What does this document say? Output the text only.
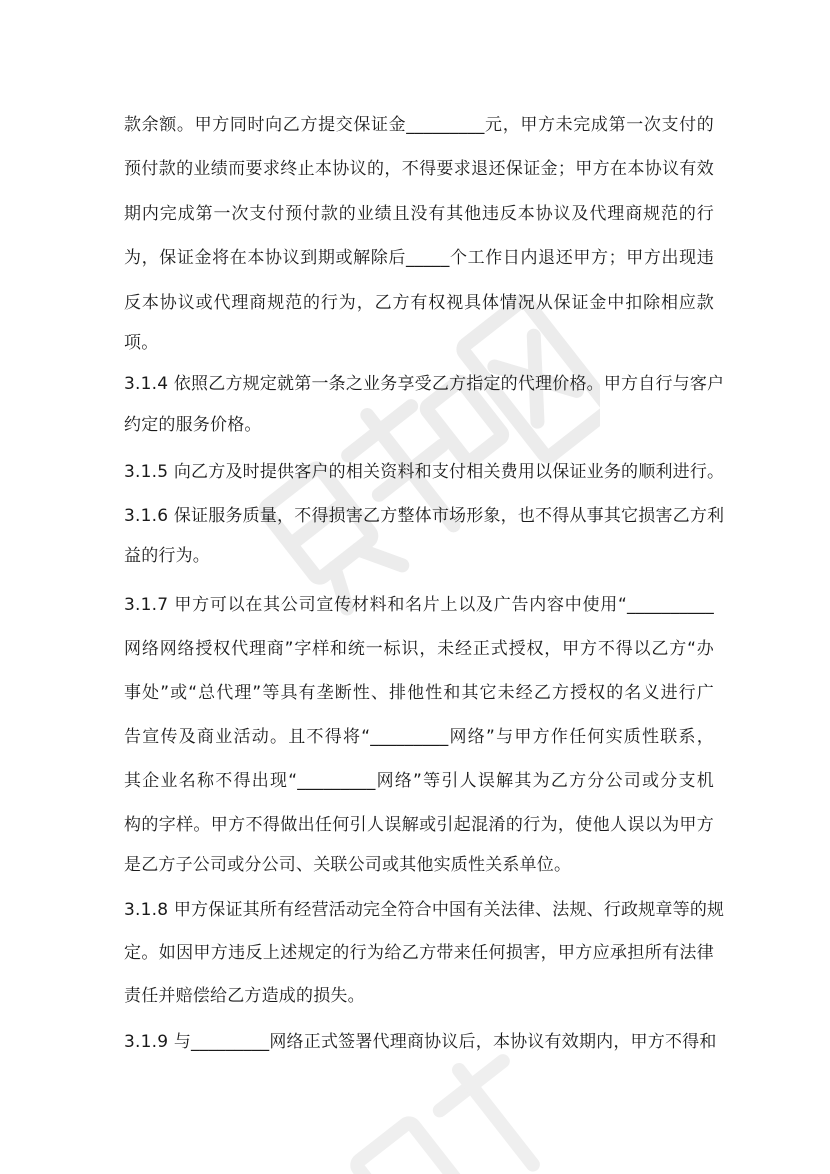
款余额。甲方同时向乙方提交保证金_________元，甲方未完成第一次支付的
预付款的业绩而要求终止本协议的，不得要求退还保证金；甲方在本协议有效
期内完成第一次支付预付款的业绩且没有其他违反本协议及代理商规范的行
为，保证金将在本协议到期或解除后_____个工作日内退还甲方；甲方出现违
反本协议或代理商规范的行为，乙方有权视具体情况从保证金中扣除相应款
项。
3.1.4 依照乙方规定就第一条之业务享受乙方指定的代理价格。甲方自行与客户
约定的服务价格。
3.1.5 向乙方及时提供客户的相关资料和支付相关费用以保证业务的顺利进行。
3.1.6 保证服务质量，不得损害乙方整体市场形象，也不得从事其它损害乙方利
益的行为。
3.1.7 甲方可以在其公司宣传材料和名片上以及广告内容中使用“__________
网络网络授权代理商”字样和统一标识，未经正式授权，甲方不得以乙方“办
事处”或“总代理”等具有垄断性、排他性和其它未经乙方授权的名义进行广
告宣传及商业活动。且不得将“_________网络”与甲方作任何实质性联系，
其企业名称不得出现“_________网络”等引人误解其为乙方分公司或分支机
构的字样。甲方不得做出任何引人误解或引起混淆的行为，使他人误以为甲方
是乙方子公司或分公司、关联公司或其他实质性关系单位。
3.1.8 甲方保证其所有经营活动完全符合中国有关法律、法规、行政规章等的规
定。如因甲方违反上述规定的行为给乙方带来任何损害，甲方应承担所有法律
责任并赔偿给乙方造成的损失。
3.1.9 与_________网络正式签署代理商协议后，本协议有效期内，甲方不得和
